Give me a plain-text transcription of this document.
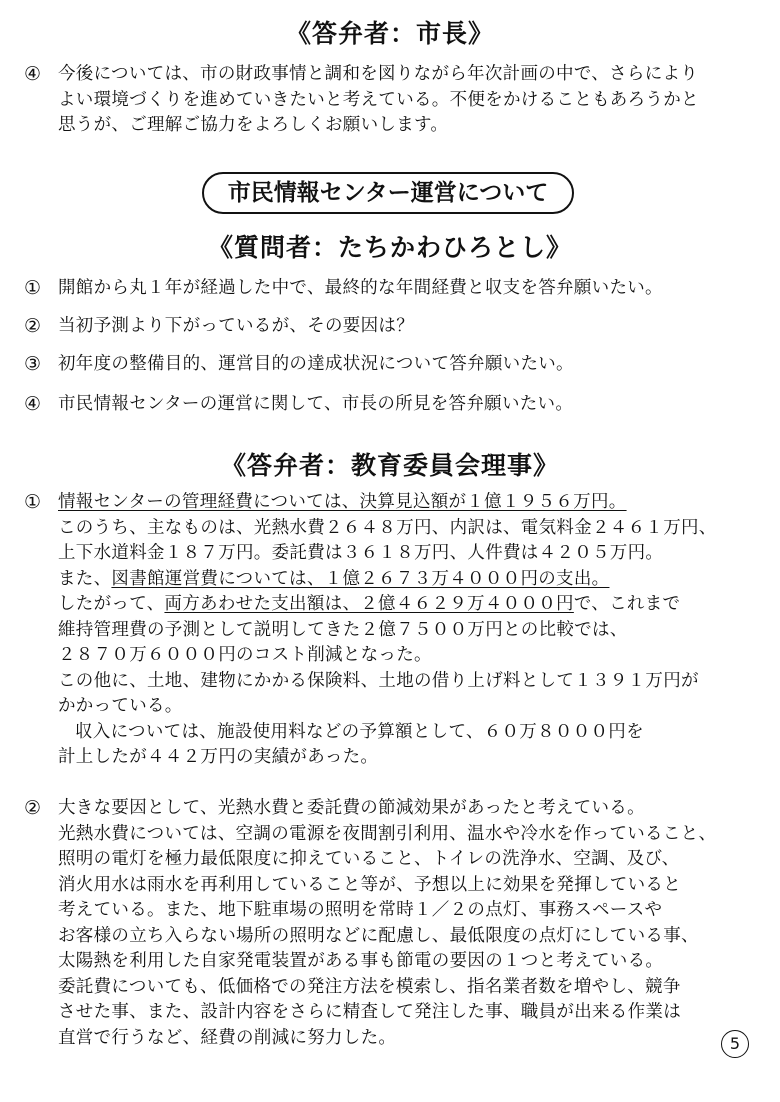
《答弁者：市長》
④ 今後については、市の財政事情と調和を図りながら年次計画の中で、さらにより
よい環境づくりを進めていきたいと考えている。不便をかけることもあろうかと
思うが、ご理解ご協力をよろしくお願いします。
市民情報センター運営について
《質問者：たちかわひろとし》
① 開館から丸１年が経過した中で、最終的な年間経費と収支を答弁願いたい。
② 当初予測より下がっているが、その要因は？
③ 初年度の整備目的、運営目的の達成状況について答弁願いたい。
④ 市民情報センターの運営に関して、市長の所見を答弁願いたい。
《答弁者：教育委員会理事》
① 情報センターの管理経費については、決算見込額が１億１９５６万円。
このうち、主なものは、光熱水費２６４８万円、内訳は、電気料金２４６１万円、
上下水道料金１８７万円。委託費は３６１８万円、人件費は４２０５万円。
また、図書館運営費については、１億２６７３万４０００円の支出。
したがって、両方あわせた支出額は、２億４６２９万４０００円で、これまで
維持管理費の予測として説明してきた２億７５００万円との比較では、
２８７０万６０００円のコスト削減となった。
この他に、土地、建物にかかる保険料、土地の借り上げ料として１３９１万円が
かかっている。
収入については、施設使用料などの予算額として、６０万８０００円を
計上したが４４２万円の実績があった。
② 大きな要因として、光熱水費と委託費の節減効果があったと考えている。
光熱水費については、空調の電源を夜間割引利用、温水や冷水を作っていること、
照明の電灯を極力最低限度に抑えていること、トイレの洗浄水、空調、及び、
消火用水は雨水を再利用していること等が、予想以上に効果を発揮していると
考えている。また、地下駐車場の照明を常時１／２の点灯、事務スペースや
お客様の立ち入らない場所の照明などに配慮し、最低限度の点灯にしている事、
太陽熱を利用した自家発電装置がある事も節電の要因の１つと考えている。
委託費についても、低価格での発注方法を模索し、指名業者数を増やし、競争
させた事、また、設計内容をさらに精査して発注した事、職員が出来る作業は
直営で行うなど、経費の削減に努力した。	5
